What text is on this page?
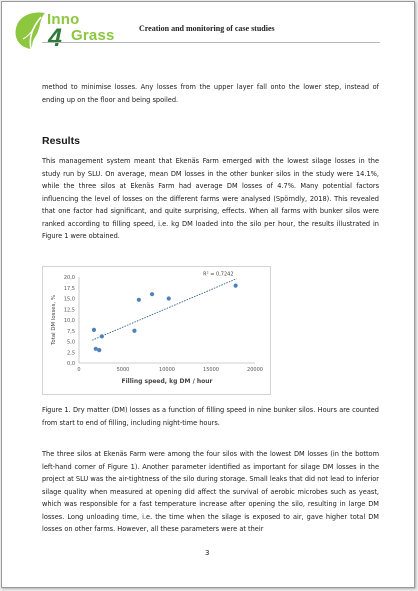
Inno
4 Grass	Creation and monitoring of case studies

method to minimise losses. Any losses from the upper layer fall onto the lower step, instead of ending up on the floor and being spoiled.

Results

This management system meant that Ekenäs Farm emerged with the lowest silage losses in the study run by SLU. On average, mean DM losses in the other bunker silos in the study were 14.1%, while the three silos at Ekenäs Farm had average DM losses of 4.7%. Many potential factors influencing the level of losses on the different farms were analysed (Spörndly, 2018). This revealed that one factor had significant, and quite surprising, effects. When all farms with bunker silos were ranked according to filling speed, i.e. kg DM loaded into the silo per hour, the results illustrated in Figure 1 were obtained.

0,0
2,5
5,0
7,5
10,0
12,5
15,0
17,5
20,0
0	5000	10000	15000	20000
R² = 0,7242
Filling speed, kg DM / hour
Total DM losses, %

Figure 1. Dry matter (DM) losses as a function of filling speed in nine bunker silos. Hours are counted from start to end of filling, including night-time hours.

The three silos at Ekenäs Farm were among the four silos with the lowest DM losses (in the bottom left-hand corner of Figure 1). Another parameter identified as important for silage DM losses in the project at SLU was the air-tightness of the silo during storage. Small leaks that did not lead to inferior silage quality when measured at opening did affect the survival of aerobic microbes such as yeast, which was responsible for a fast temperature increase after opening the silo, resulting in large DM losses. Long unloading time, i.e. the time when the silage is exposed to air, gave higher total DM losses on other farms. However, all these parameters were at their

3
